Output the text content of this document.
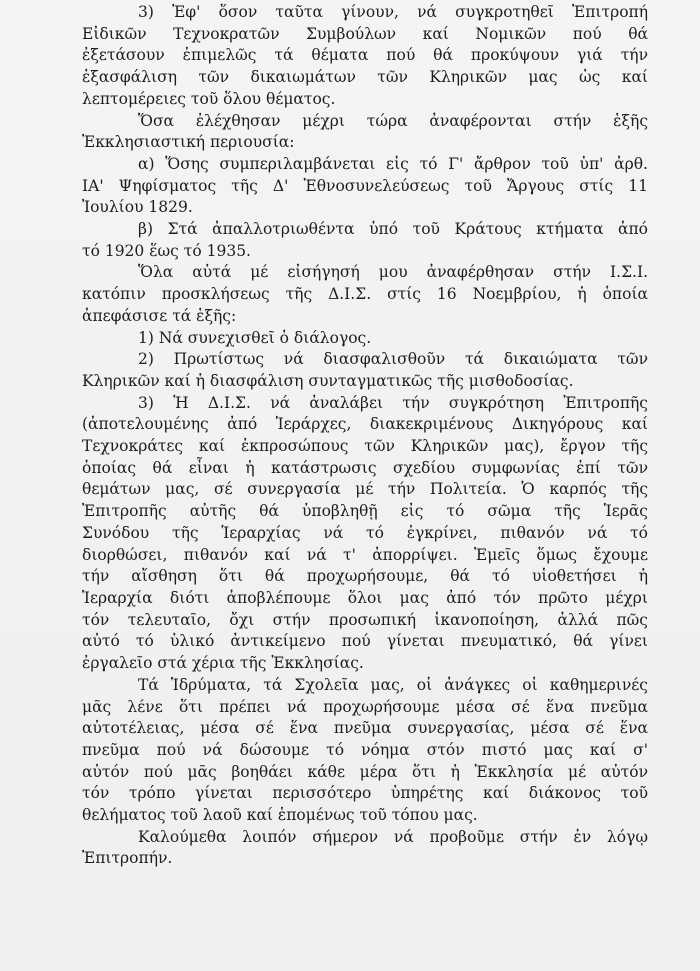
3) Ἐφ' ὅσον ταῦτα γίνουν, νά συγκροτηθεῖ Ἐπιτροπή
Εἰδικῶν Τεχνοκρατῶν Συμβούλων καί Νομικῶν πού θά
ἐξετάσουν ἐπιμελῶς τά θέματα πού θά προκύψουν γιά τήν
ἐξασφάλιση τῶν δικαιωμάτων τῶν Κληρικῶν μας ὡς καί
λεπτομέρειες τοῦ ὅλου θέματος.

Ὅσα ἐλέχθησαν μέχρι τώρα ἀναφέρονται στήν ἑξῆς
Ἐκκλησιαστική περιουσία:

α) Ὅσης συμπεριλαμβάνεται εἰς τό Γ' ἄρθρον τοῦ ὑπ' ἀρθ.
ΙΑ' Ψηφίσματος τῆς Δ' Ἐθνοσυνελεύσεως τοῦ Ἄργους στίς 11
Ἰουλίου 1829.

β) Στά ἀπαλλοτριωθέντα ὑπό τοῦ Κράτους κτήματα ἀπό
τό 1920 ἕως τό 1935.

Ὅλα αὐτά μέ εἰσήγησή μου ἀναφέρθησαν στήν Ι.Σ.Ι.
κατόπιν προσκλήσεως τῆς Δ.Ι.Σ. στίς 16 Νοεμβρίου, ἡ ὁποία
ἀπεφάσισε τά ἑξῆς:

1) Νά συνεχισθεῖ ὁ διάλογος.

2) Πρωτίστως νά διασφαλισθοῦν τά δικαιώματα τῶν
Κληρικῶν καί ἡ διασφάλιση συνταγματικῶς τῆς μισθοδοσίας.

3) Ἡ Δ.Ι.Σ. νά ἀναλάβει τήν συγκρότηση Ἐπιτροπῆς
(ἀποτελουμένης ἀπό Ἱεράρχες, διακεκριμένους Δικηγόρους καί
Τεχνοκράτες καί ἐκπροσώπους τῶν Κληρικῶν μας), ἔργον τῆς
ὁποίας θά εἶναι ἡ κατάστρωσις σχεδίου συμφωνίας ἐπί τῶν
θεμάτων μας, σέ συνεργασία μέ τήν Πολιτεία. Ὁ καρπός τῆς
Ἐπιτροπῆς αὐτῆς θά ὑποβληθῇ εἰς τό σῶμα τῆς Ἱερᾶς
Συνόδου τῆς Ἱεραρχίας νά τό ἐγκρίνει, πιθανόν νά τό
διορθώσει, πιθανόν καί νά τ' ἀπορρίψει. Ἐμεῖς ὅμως ἔχουμε
τήν αἴσθηση ὅτι θά προχωρήσουμε, θά τό υἱοθετήσει ἡ
Ἱεραρχία διότι ἀποβλέπουμε ὅλοι μας ἀπό τόν πρῶτο μέχρι
τόν τελευταῖο, ὄχι στήν προσωπική ἱκανοποίηση, ἀλλά πῶς
αὐτό τό ὑλικό ἀντικείμενο πού γίνεται πνευματικό, θά γίνει
ἐργαλεῖο στά χέρια τῆς Ἐκκλησίας.

Τά Ἱδρύματα, τά Σχολεῖα μας, οἱ ἀνάγκες οἱ καθημερινές
μᾶς λένε ὅτι πρέπει νά προχωρήσουμε μέσα σέ ἕνα πνεῦμα
αὐτοτέλειας, μέσα σέ ἕνα πνεῦμα συνεργασίας, μέσα σέ ἕνα
πνεῦμα πού νά δώσουμε τό νόημα στόν πιστό μας καί σ'
αὐτόν πού μᾶς βοηθάει κάθε μέρα ὅτι ἡ Ἐκκλησία μέ αὐτόν
τόν τρόπο γίνεται περισσότερο ὑπηρέτης καί διάκονος τοῦ
θελήματος τοῦ λαοῦ καί ἑπομένως τοῦ τόπου μας.

Καλούμεθα λοιπόν σήμερον νά προβοῦμε στήν ἐν λόγῳ
Ἐπιτροπήν.
